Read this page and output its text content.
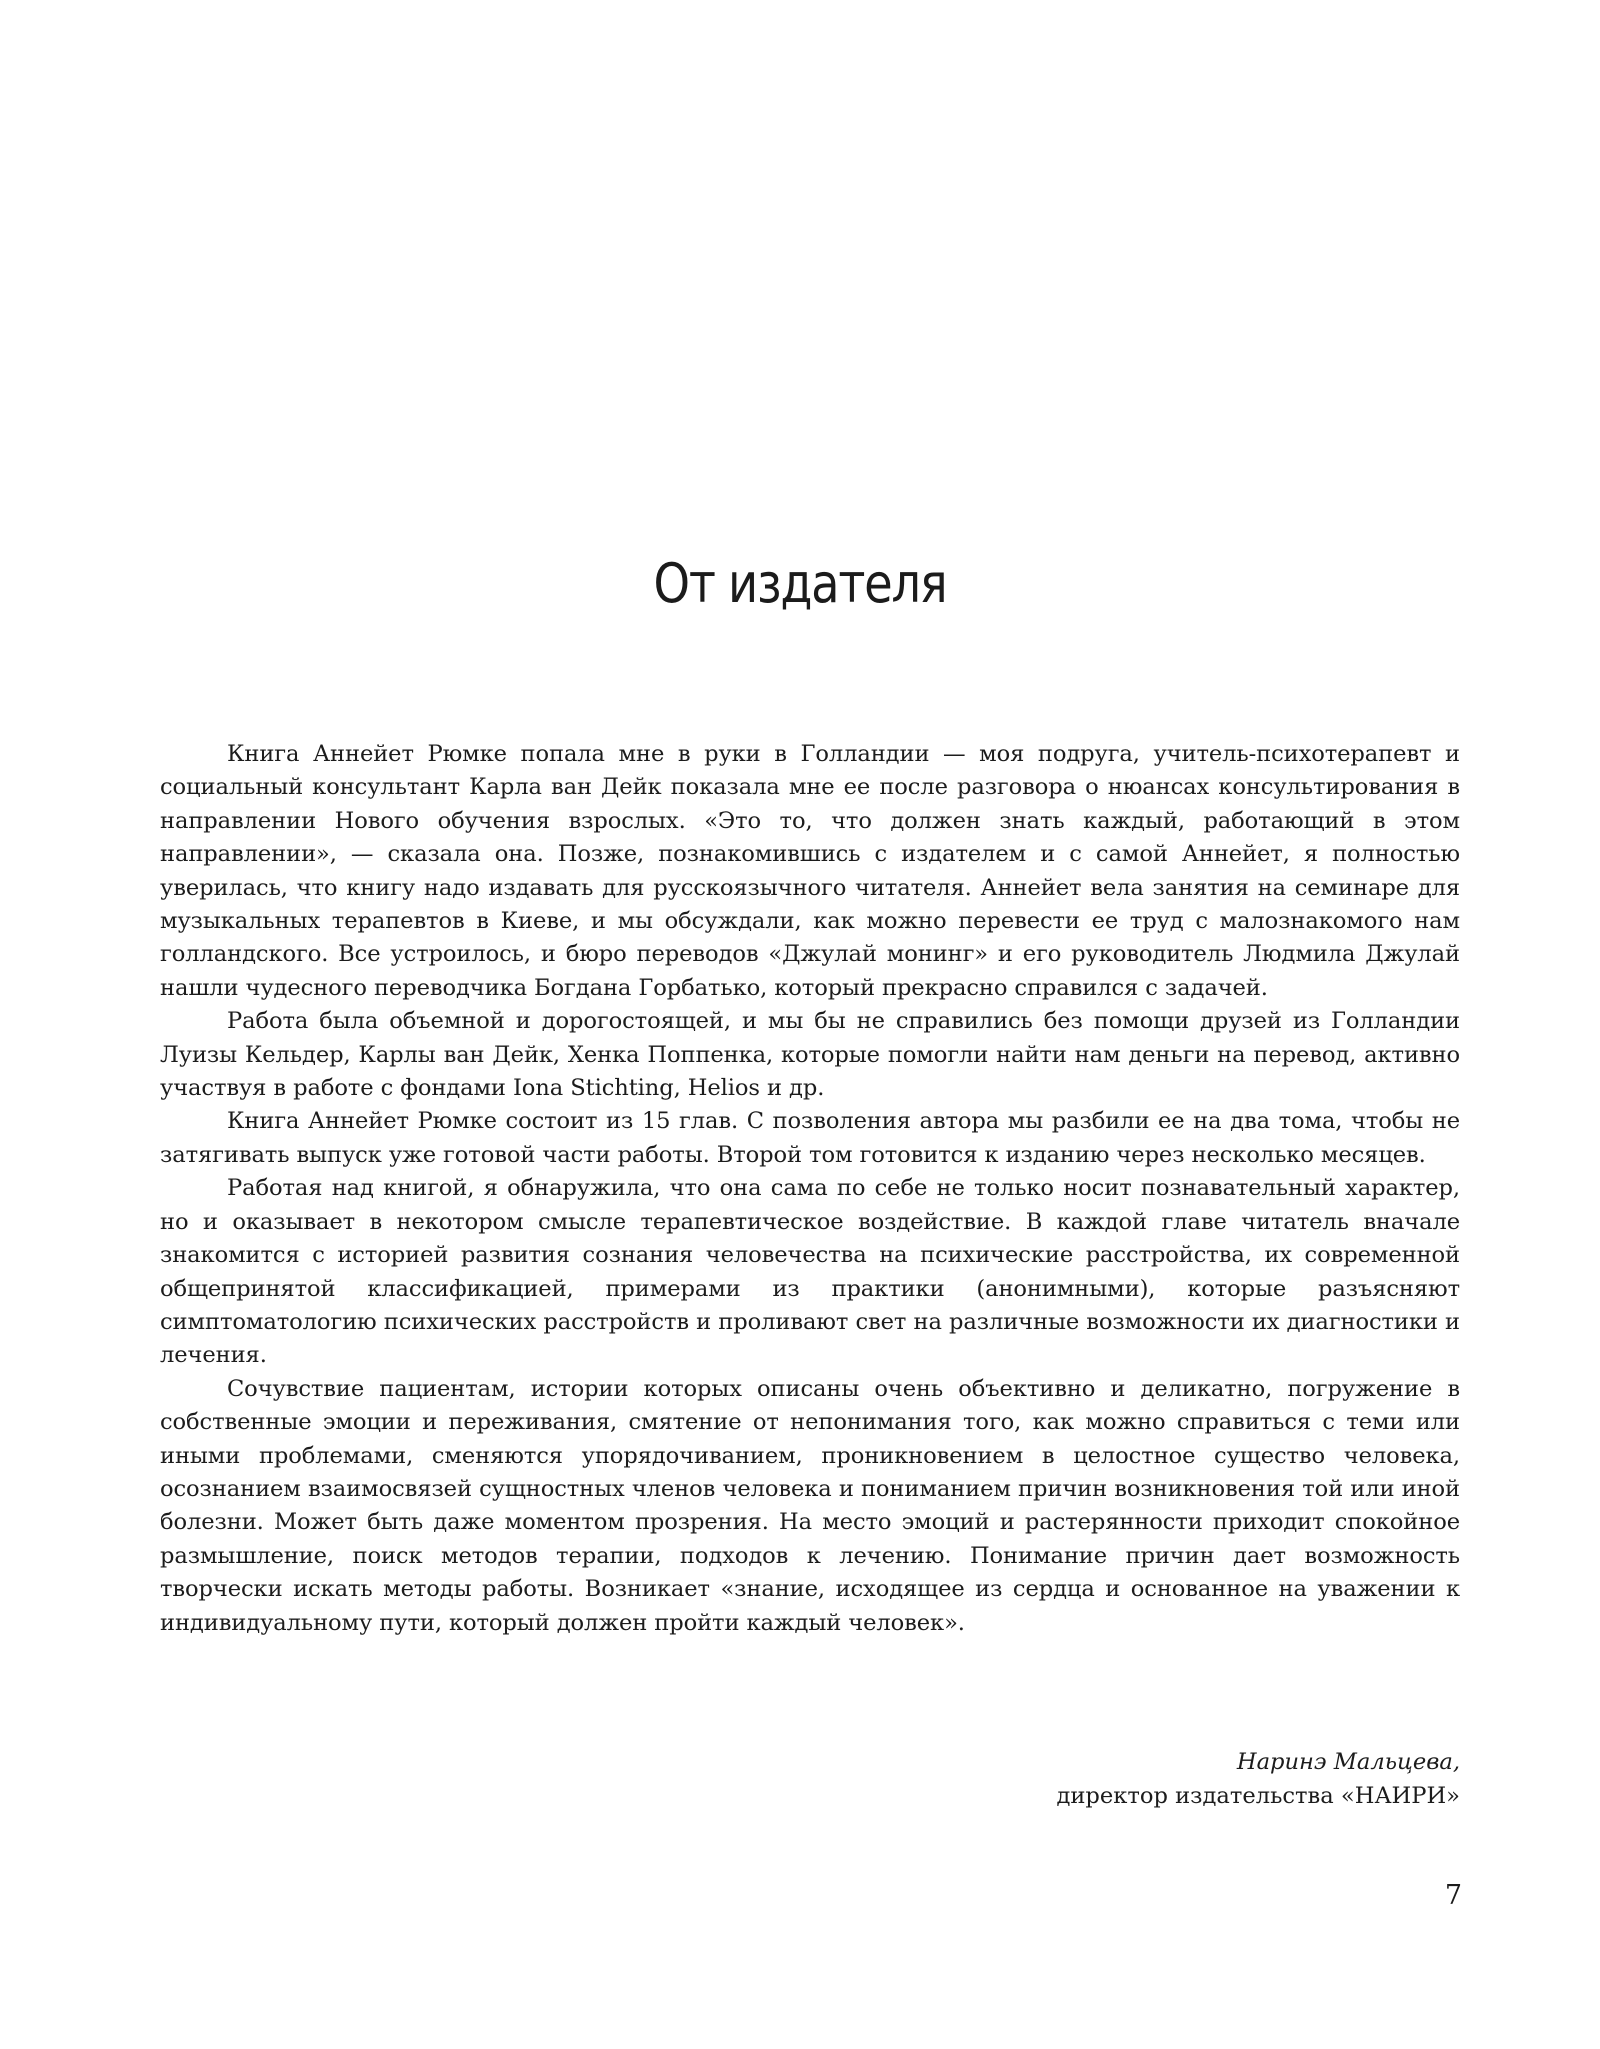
От издателя

Книга Аннейет Рюмке попала мне в руки в Голландии — моя подруга, учитель-психотерапевт и социальный консультант Карла ван Дейк показала мне ее после разговора о нюансах консультирования в направлении Нового обучения взрослых. «Это то, что должен знать каждый, работающий в этом направлении», — сказала она. Позже, познакомившись с издателем и с самой Аннейет, я полностью уверилась, что книгу надо издавать для русскоязычного читателя. Аннейет вела занятия на семинаре для музыкальных терапевтов в Киеве, и мы обсуждали, как можно перевести ее труд с малознакомого нам голландского. Все устроилось, и бюро переводов «Джулай монинг» и его руководитель Людмила Джулай нашли чудесного переводчика Богдана Горбатько, который прекрасно справился с задачей.

Работа была объемной и дорогостоящей, и мы бы не справились без помощи друзей из Голландии Луизы Кельдер, Карлы ван Дейк, Хенка Поппенка, которые помогли найти нам деньги на перевод, активно участвуя в работе с фондами Iona Stichting, Helios и др.

Книга Аннейет Рюмке состоит из 15 глав. С позволения автора мы разбили ее на два тома, чтобы не затягивать выпуск уже готовой части работы. Второй том готовится к изданию через несколько месяцев.

Работая над книгой, я обнаружила, что она сама по себе не только носит познавательный характер, но и оказывает в некотором смысле терапевтическое воздействие. В каждой главе читатель вначале знакомится с историей развития сознания человечества на психические расстройства, их современной общепринятой классификацией, примерами из практики (анонимными), которые разъясняют симптоматологию психических расстройств и проливают свет на различные возможности их диагностики и лечения.

Сочувствие пациентам, истории которых описаны очень объективно и деликатно, погружение в собственные эмоции и переживания, смятение от непонимания того, как можно справиться с теми или иными проблемами, сменяются упорядочиванием, проникновением в целостное существо человека, осознанием взаимосвязей сущностных членов человека и пониманием причин возникновения той или иной болезни. Может быть даже моментом прозрения. На место эмоций и растерянности приходит спокойное размышление, поиск методов терапии, подходов к лечению. Понимание причин дает возможность творчески искать методы работы. Возникает «знание, исходящее из сердца и основанное на уважении к индивидуальному пути, который должен пройти каждый человек».

Наринэ Мальцева,
директор издательства «НАИРИ»
7
